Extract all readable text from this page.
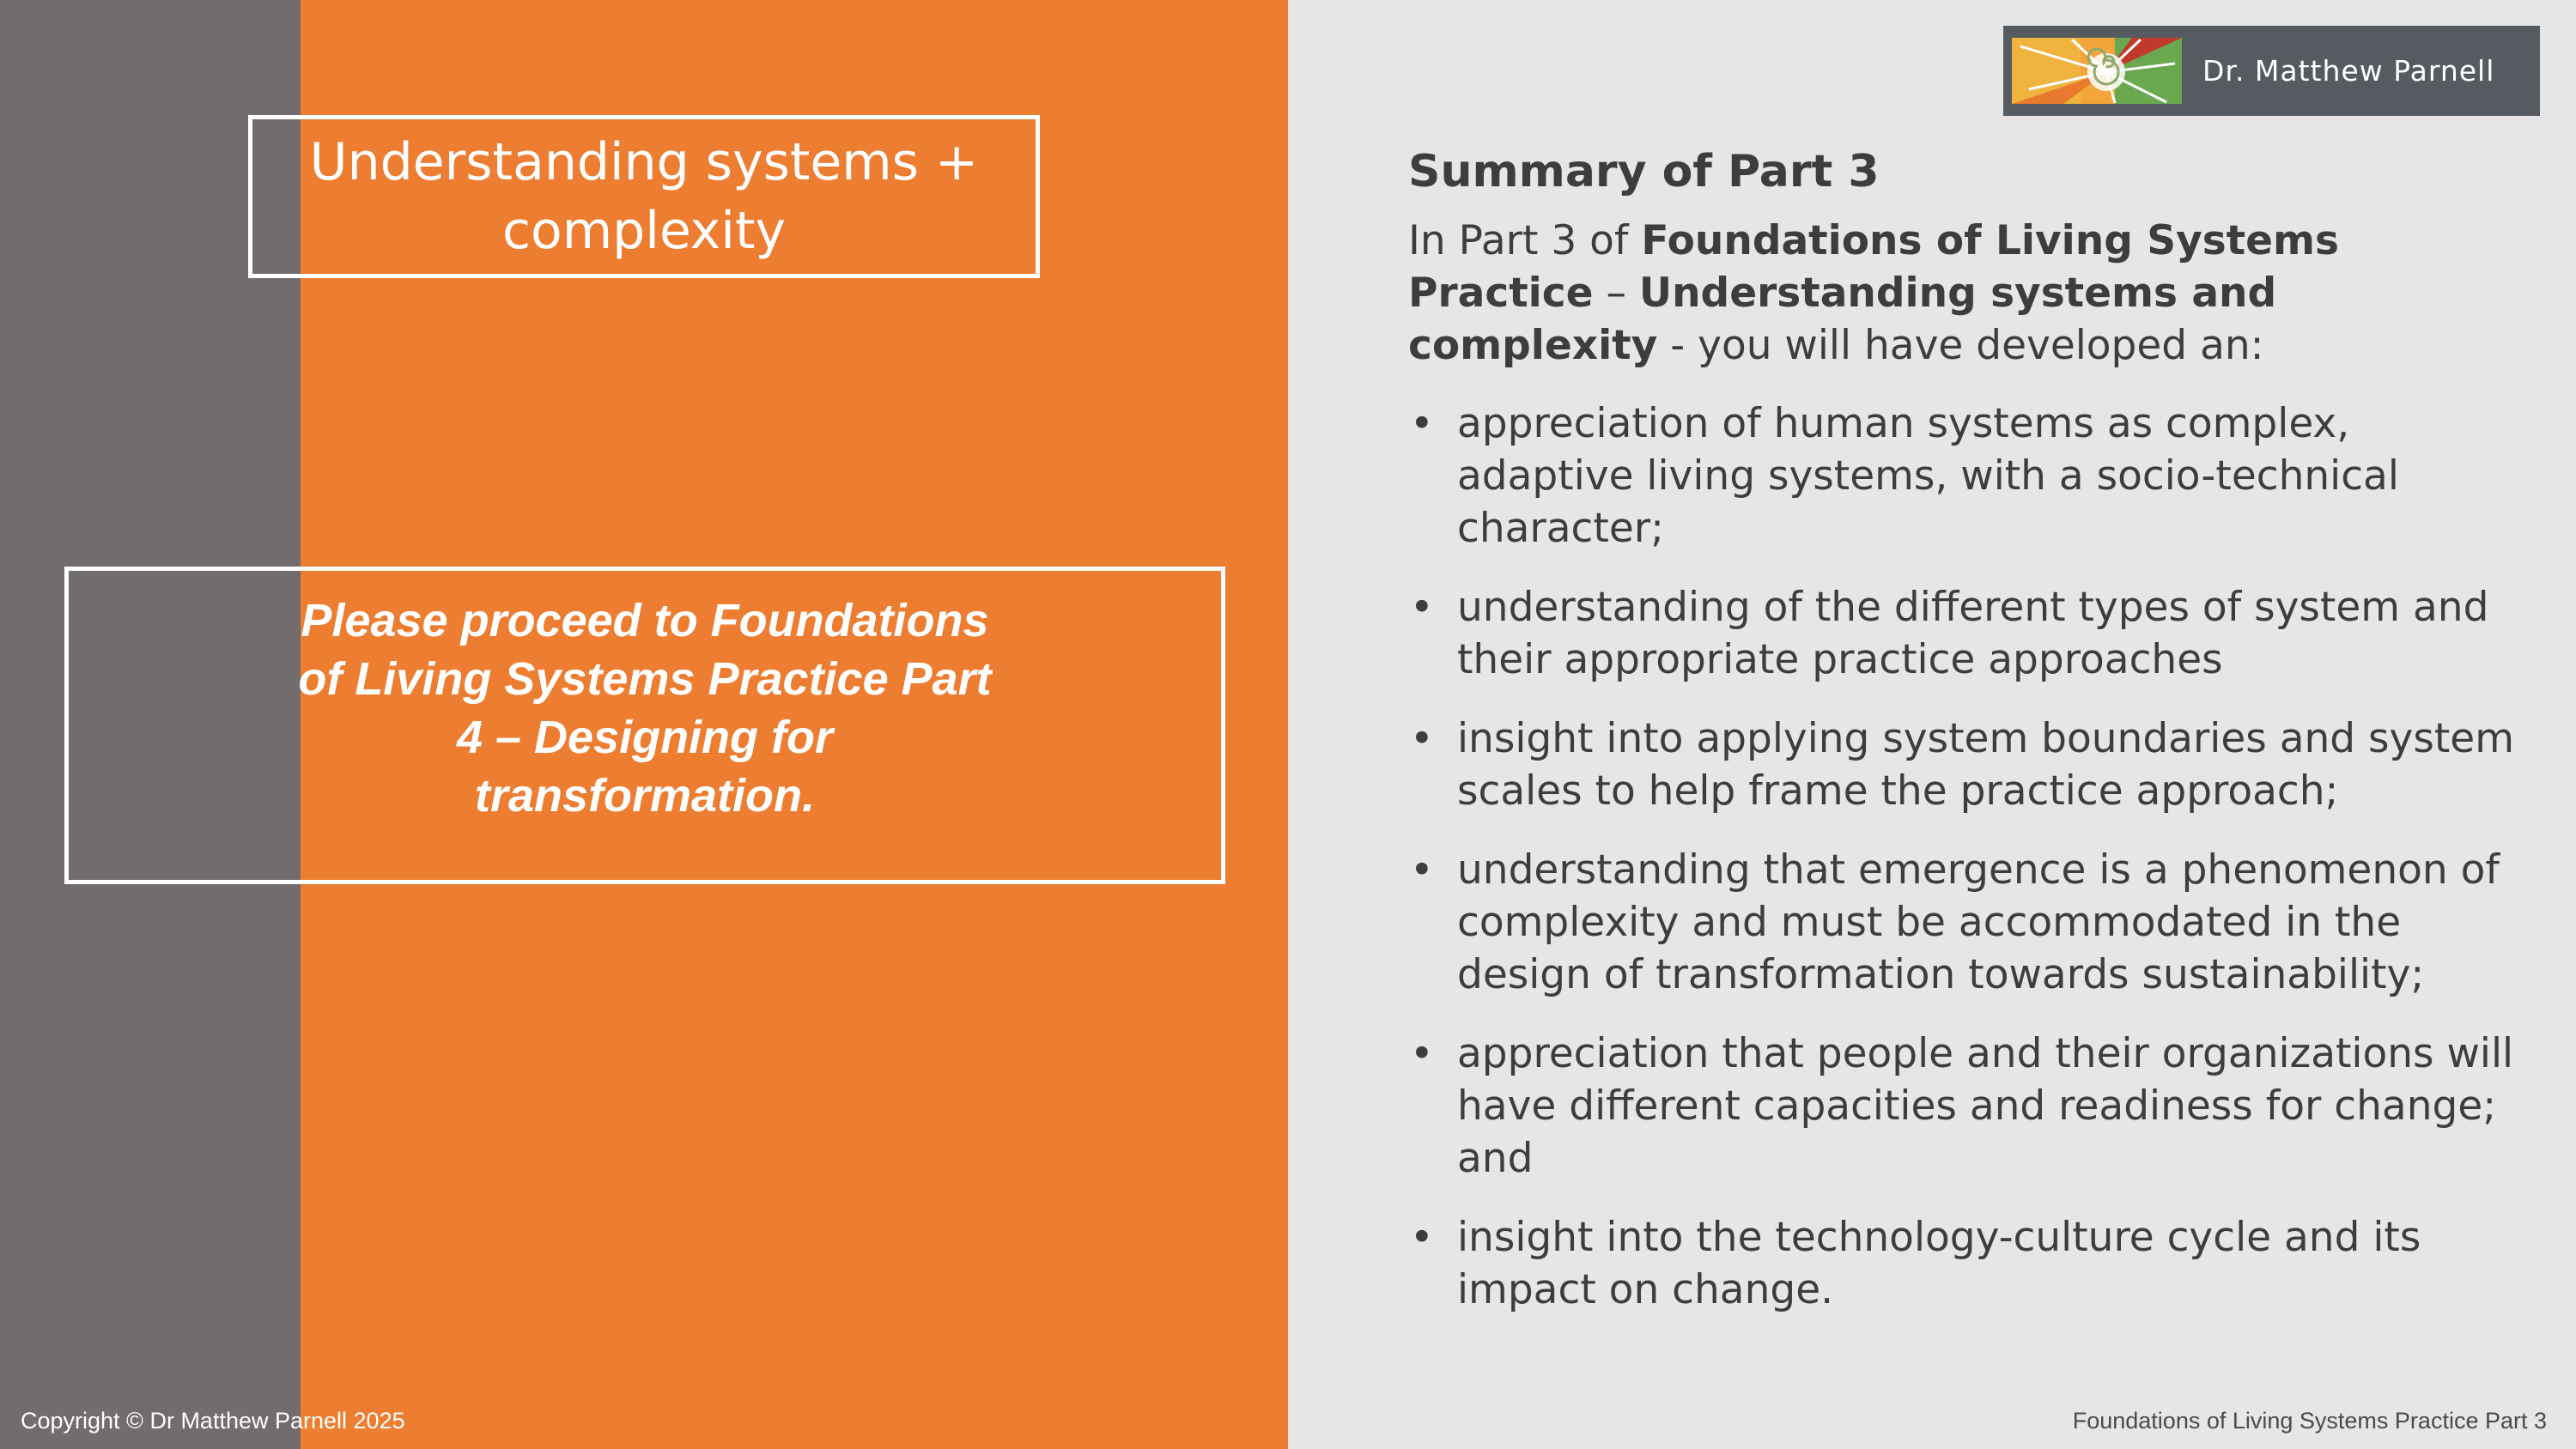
Understanding systems + complexity
Please proceed to Foundations of Living Systems Practice Part 4 – Designing for transformation.
Dr. Matthew Parnell
Summary of Part 3

In Part 3 of Foundations of Living Systems Practice – Understanding systems and complexity - you will have developed an:

• appreciation of human systems as complex, adaptive living systems, with a socio-technical character;
• understanding of the different types of system and their appropriate practice approaches
• insight into applying system boundaries and system scales to help frame the practice approach;
• understanding that emergence is a phenomenon of complexity and must be accommodated in the design of transformation towards sustainability;
• appreciation that people and their organizations will have different capacities and readiness for change; and
• insight into the technology-culture cycle and its impact on change.
Copyright © Dr Matthew Parnell 2025	Foundations of Living Systems Practice Part 3
